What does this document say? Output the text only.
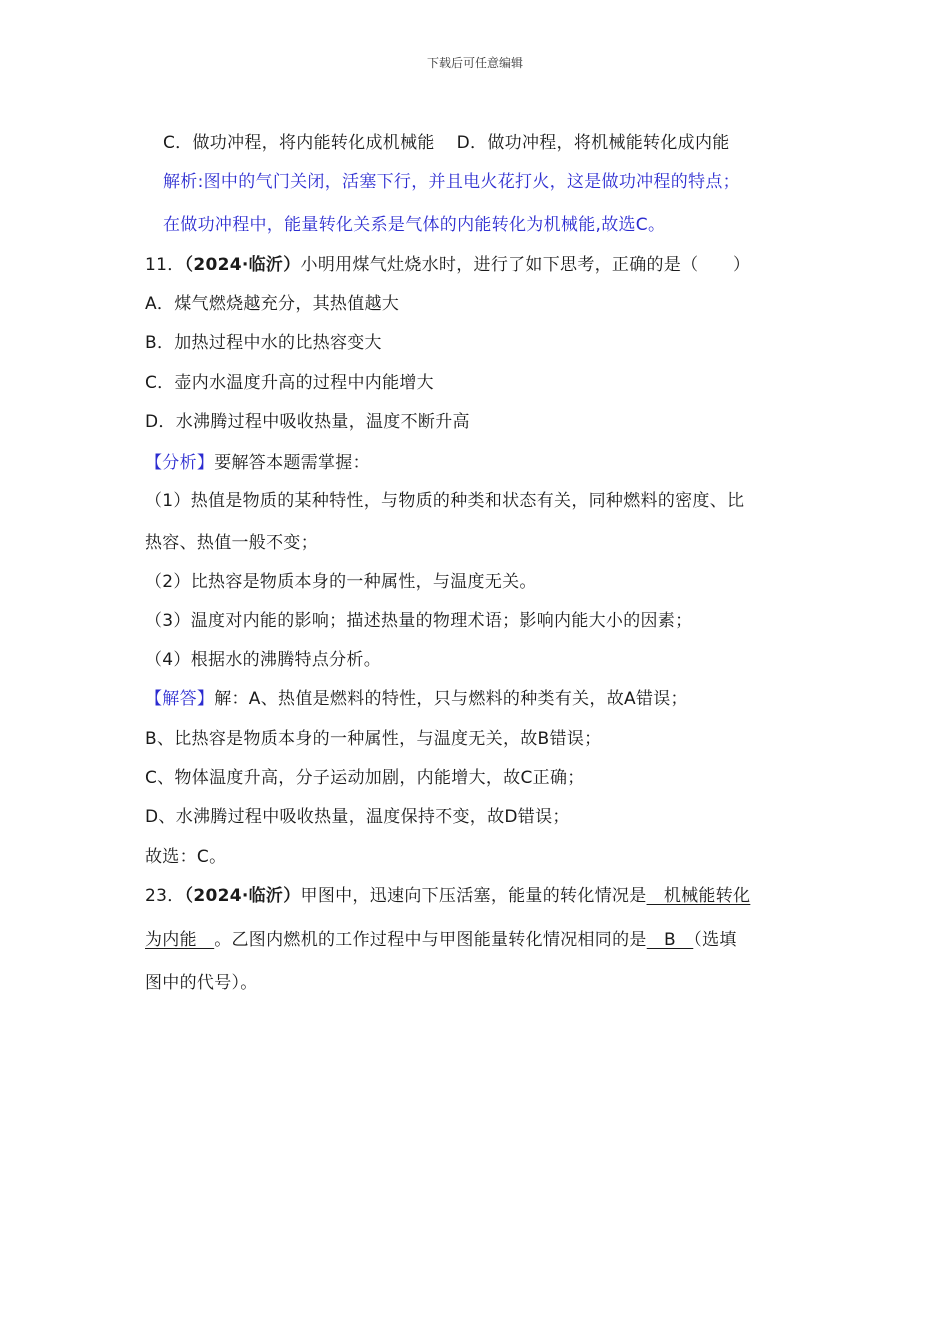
下载后可任意编辑
C．做功冲程，将内能转化成机械能 D．做功冲程，将机械能转化成内能
解析:图中的气门关闭，活塞下行，并且电火花打火，这是做功冲程的特点；
在做功冲程中，能量转化关系是气体的内能转化为机械能,故选C。
11．（2024·临沂）小明用煤气灶烧水时，进行了如下思考，正确的是（　　）
A．煤气燃烧越充分，其热值越大
B．加热过程中水的比热容变大
C．壶内水温度升高的过程中内能增大
D．水沸腾过程中吸收热量，温度不断升高
【分析】要解答本题需掌握：
（1）热值是物质的某种特性，与物质的种类和状态有关，同种燃料的密度、比
热容、热值一般不变；
（2）比热容是物质本身的一种属性，与温度无关。
（3）温度对内能的影响；描述热量的物理术语；影响内能大小的因素；
（4）根据水的沸腾特点分析。
【解答】解：A、热值是燃料的特性，只与燃料的种类有关，故A错误；
B、比热容是物质本身的一种属性，与温度无关，故B错误；
C、物体温度升高，分子运动加剧，内能增大，故C正确；
D、水沸腾过程中吸收热量，温度保持不变，故D错误；
故选：C。
23．（2024·临沂）甲图中，迅速向下压活塞，能量的转化情况是　机械能转化
为内能　。乙图内燃机的工作过程中与甲图能量转化情况相同的是　B　（选填
图中的代号）。
